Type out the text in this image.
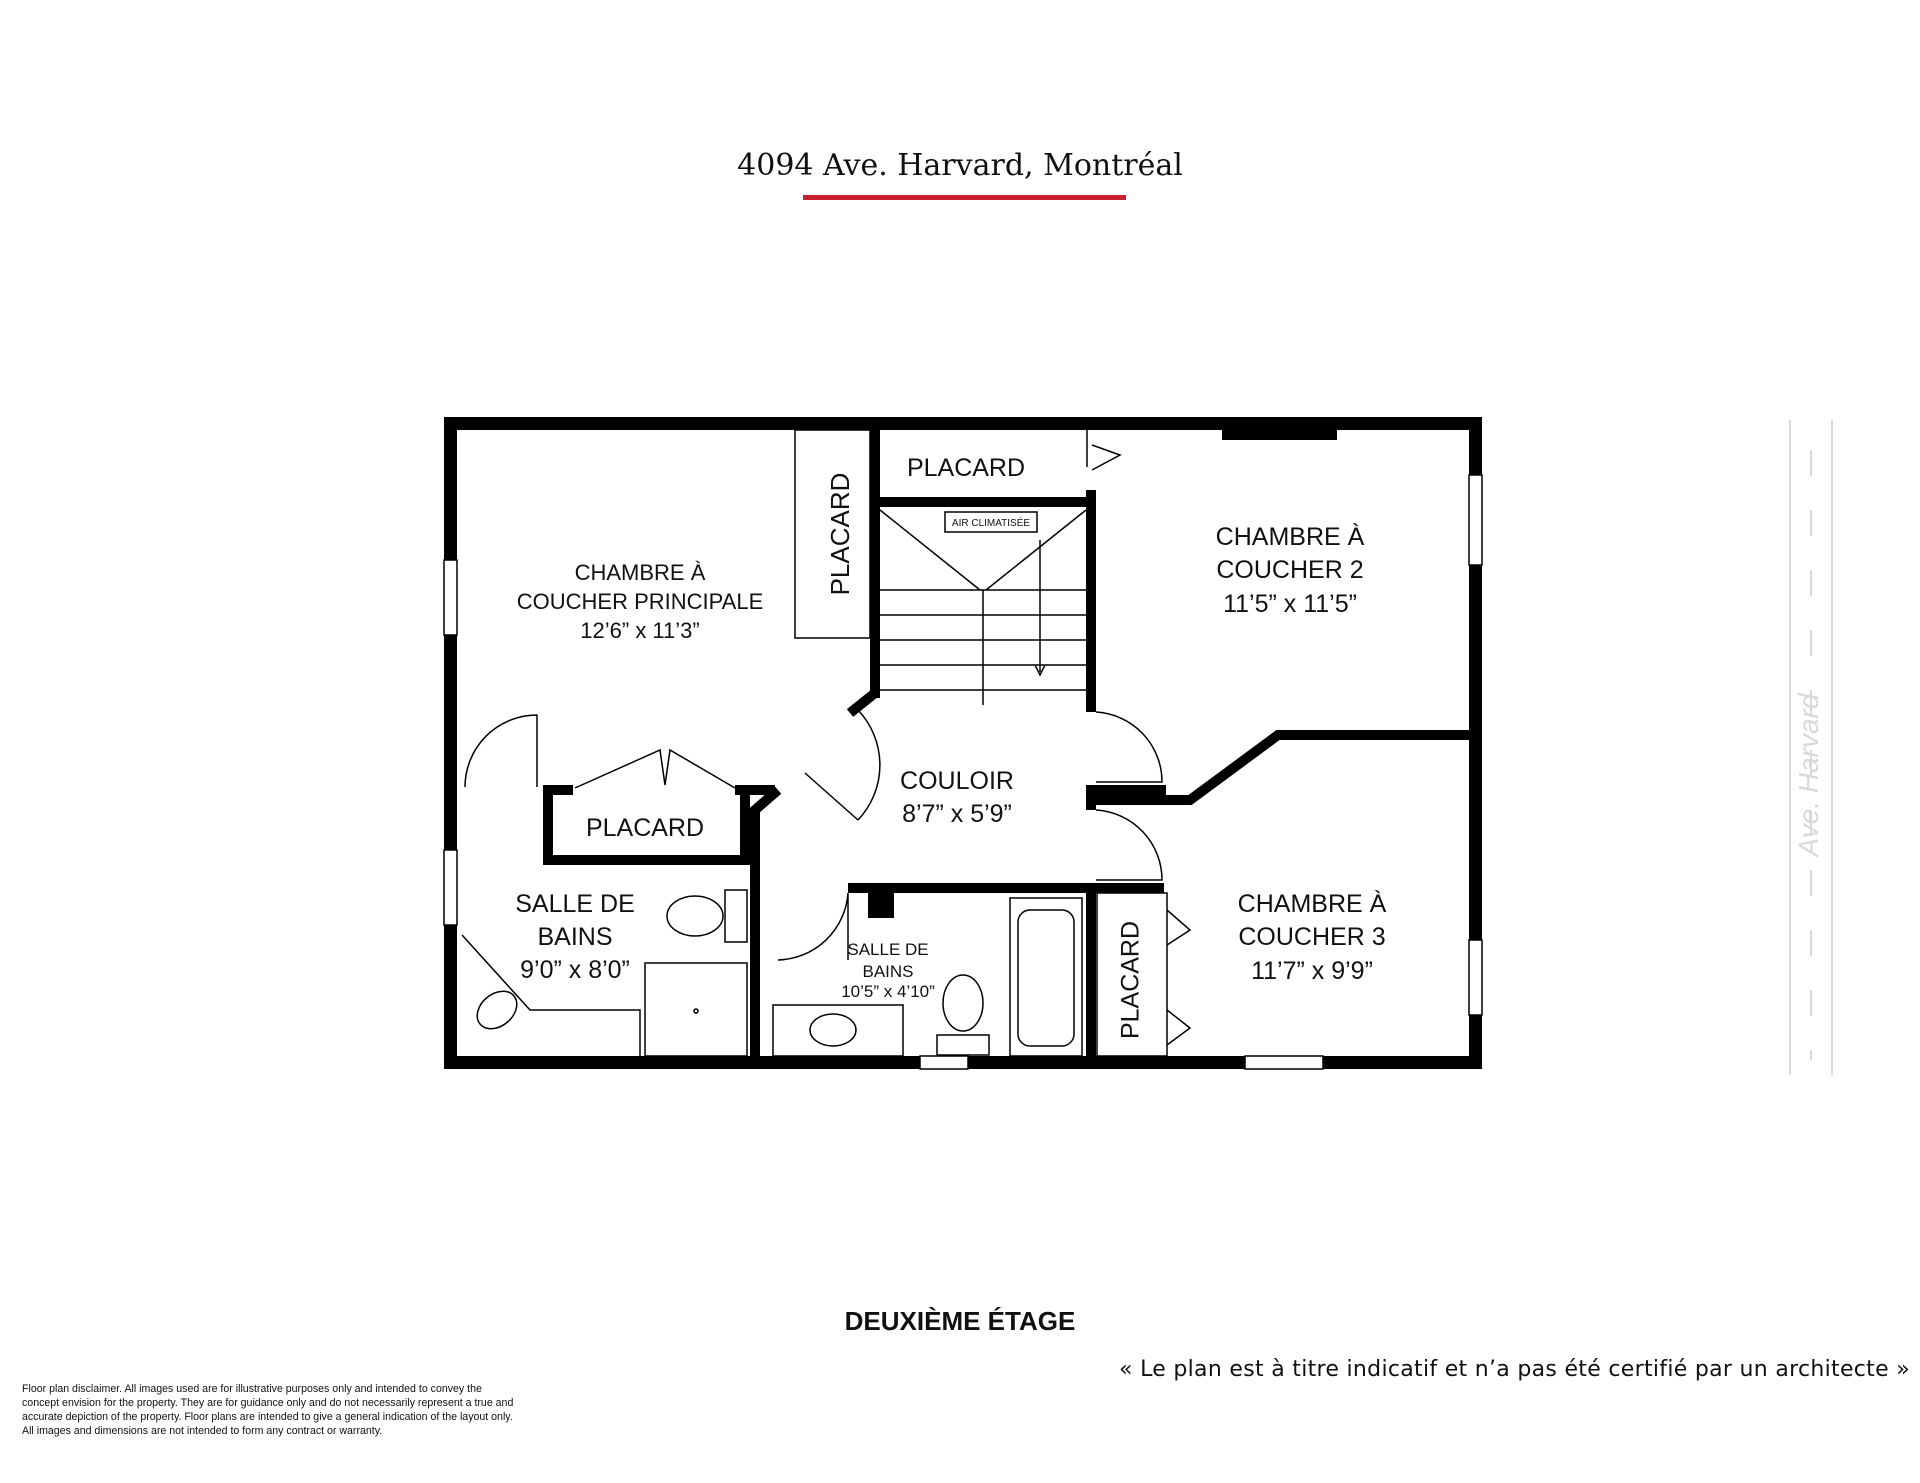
4094 Ave. Harvard, Montréal
Ave. Harvard
AIR CLIMATISÉE
CHAMBRE À
COUCHER PRINCIPALE
12’6” x 11’3”
PLACARD
PLACARD
CHAMBRE À
COUCHER 2
11’5” x 11’5”
COULOIR
8’7” x 5’9”
PLACARD
SALLE DE
BAINS
9’0” x 8’0”
SALLE DE
BAINS
10’5” x 4’10”	PLACARD
CHAMBRE À
COUCHER 3
11’7” x 9’9”
DEUXIÈME ÉTAGE
« Le plan est à titre indicatif et n’a pas été certifié par un architecte »
Floor plan disclaimer. All images used are for illustrative purposes only and intended to convey the
concept envision for the property. They are for guidance only and do not necessarily represent a true and
accurate depiction of the property. Floor plans are intended to give a general indication of the layout only.
All images and dimensions are not intended to form any contract or warranty.
